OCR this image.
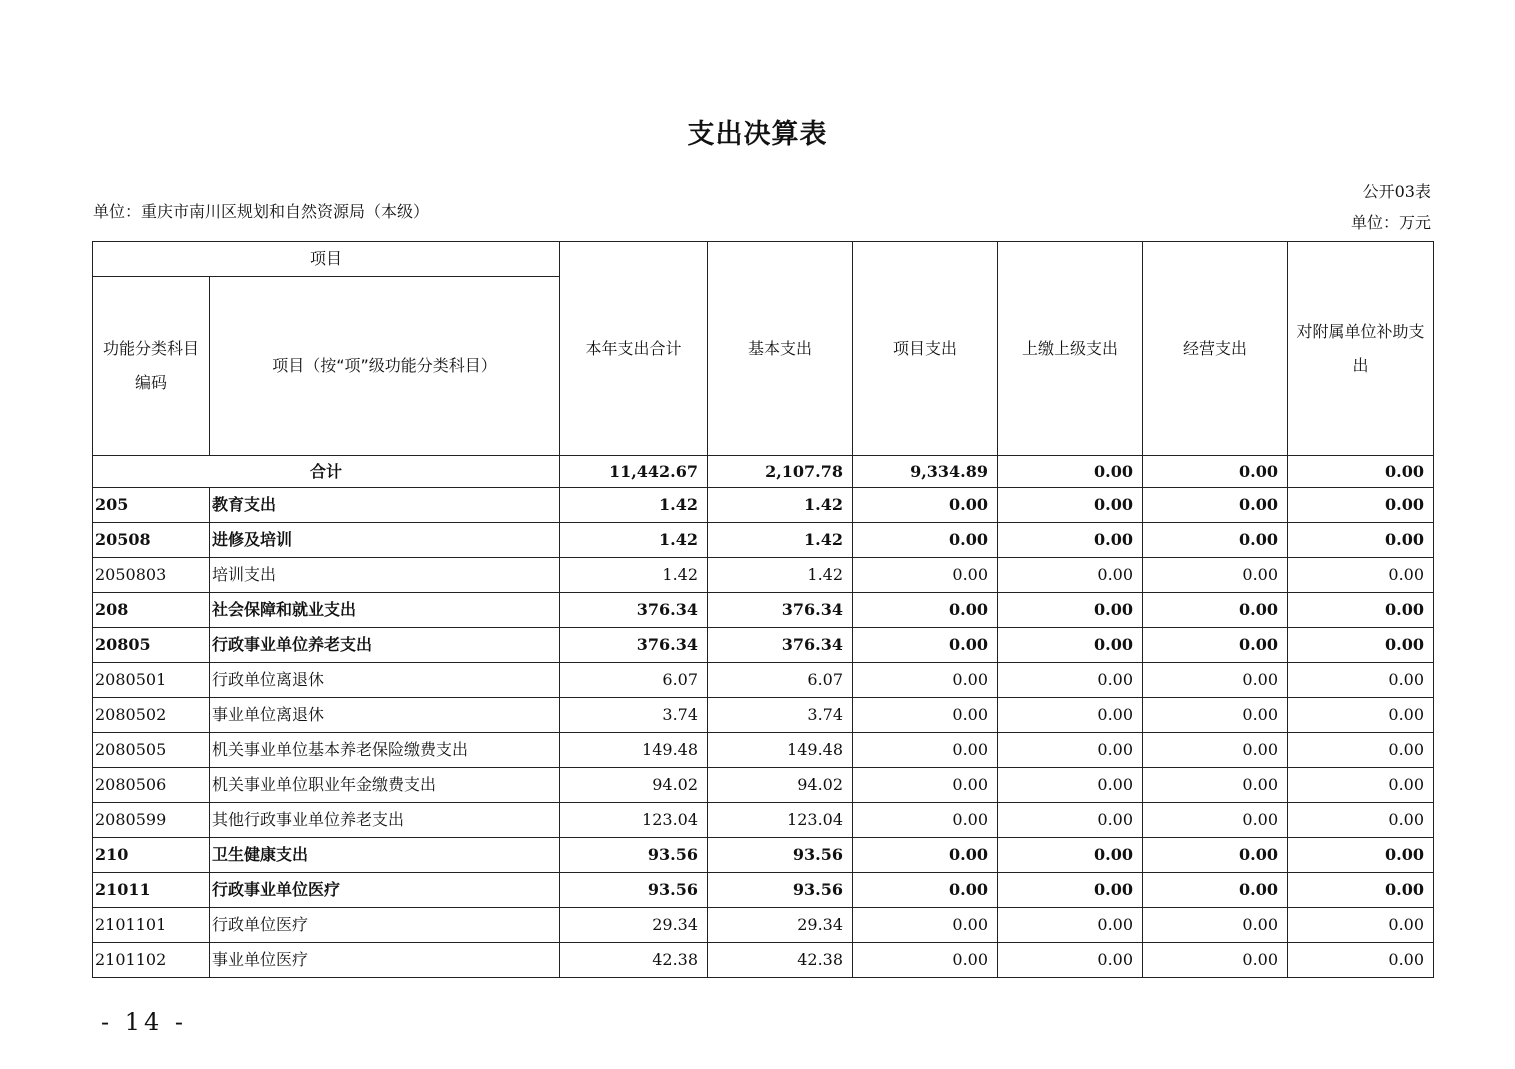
支出决算表
单位：重庆市南川区规划和自然资源局（本级）
公开03表
单位：万元
项目		本年支出合计	基本支出	项目支出	上缴上级支出	经营支出	对附属单位补助支出
功能分类科目编码	项目（按“项”级功能分类科目）						
合计		11,442.67	2,107.78	9,334.89	0.00	0.00	0.00
205	教育支出	1.42	1.42	0.00	0.00	0.00	0.00
20508	进修及培训	1.42	1.42	0.00	0.00	0.00	0.00
2050803	培训支出	1.42	1.42	0.00	0.00	0.00	0.00
208	社会保障和就业支出	376.34	376.34	0.00	0.00	0.00	0.00
20805	行政事业单位养老支出	376.34	376.34	0.00	0.00	0.00	0.00
2080501	行政单位离退休	6.07	6.07	0.00	0.00	0.00	0.00
2080502	事业单位离退休	3.74	3.74	0.00	0.00	0.00	0.00
2080505	机关事业单位基本养老保险缴费支出	149.48	149.48	0.00	0.00	0.00	0.00
2080506	机关事业单位职业年金缴费支出	94.02	94.02	0.00	0.00	0.00	0.00
2080599	其他行政事业单位养老支出	123.04	123.04	0.00	0.00	0.00	0.00
210	卫生健康支出	93.56	93.56	0.00	0.00	0.00	0.00
21011	行政事业单位医疗	93.56	93.56	0.00	0.00	0.00	0.00
2101101	行政单位医疗	29.34	29.34	0.00	0.00	0.00	0.00
2101102	事业单位医疗	42.38	42.38	0.00	0.00	0.00	0.00
- 14 -
